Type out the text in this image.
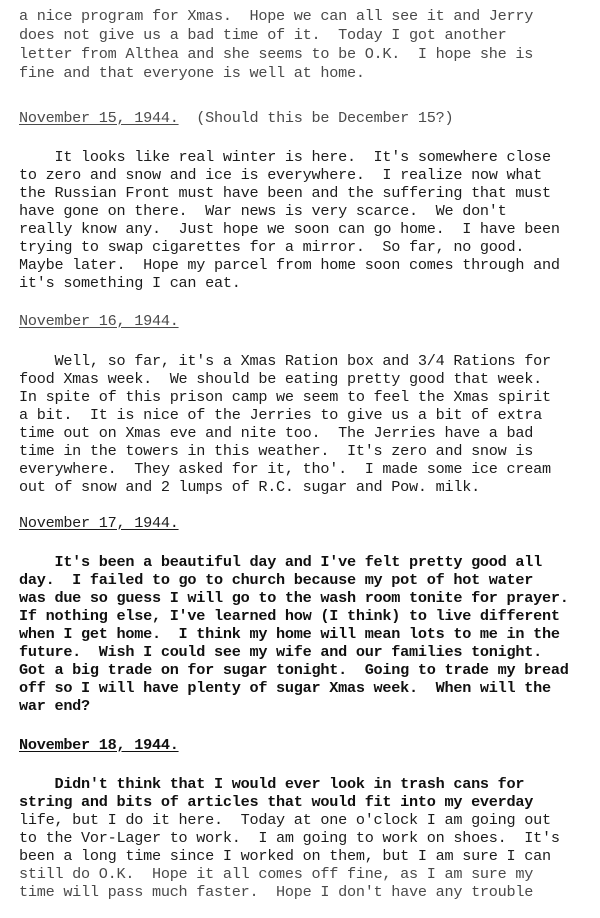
a nice program for Xmas.  Hope we can all see it and Jerry
does not give us a bad time of it.  Today I got another
letter from Althea and she seems to be O.K.  I hope she is
fine and that everyone is well at home.
November 15, 1944. (Should this be December 15?)
It looks like real winter is here.  It's somewhere close
to zero and snow and ice is everywhere.  I realize now what
the Russian Front must have been and the suffering that must
have gone on there.  War news is very scarce.  We don't
really know any.  Just hope we soon can go home.  I have been
trying to swap cigarettes for a mirror.  So far, no good.
Maybe later.  Hope my parcel from home soon comes through and
it's something I can eat.
November 16, 1944.
Well, so far, it's a Xmas Ration box and 3/4 Rations for
food Xmas week.  We should be eating pretty good that week.
In spite of this prison camp we seem to feel the Xmas spirit
a bit.  It is nice of the Jerries to give us a bit of extra
time out on Xmas eve and nite too.  The Jerries have a bad
time in the towers in this weather.  It's zero and snow is
everywhere.  They asked for it, tho'.  I made some ice cream
out of snow and 2 lumps of R.C. sugar and Pow. milk.
November 17, 1944.
It's been a beautiful day and I've felt pretty good all
day.  I failed to go to church because my pot of hot water
was due so guess I will go to the wash room tonite for prayer.
If nothing else, I've learned how (I think) to live different
when I get home.  I think my home will mean lots to me in the
future.  Wish I could see my wife and our families tonight.
Got a big trade on for sugar tonight.  Going to trade my bread
off so I will have plenty of sugar Xmas week.  When will the
war end?
November 18, 1944.
Didn't think that I would ever look in trash cans for
string and bits of articles that would fit into my everday
life, but I do it here.  Today at one o'clock I am going out
to the Vor-Lager to work.  I am going to work on shoes.  It's
been a long time since I worked on them, but I am sure I can
still do O.K.  Hope it all comes off fine, as I am sure my
time will pass much faster.  Hope I don't have any trouble
